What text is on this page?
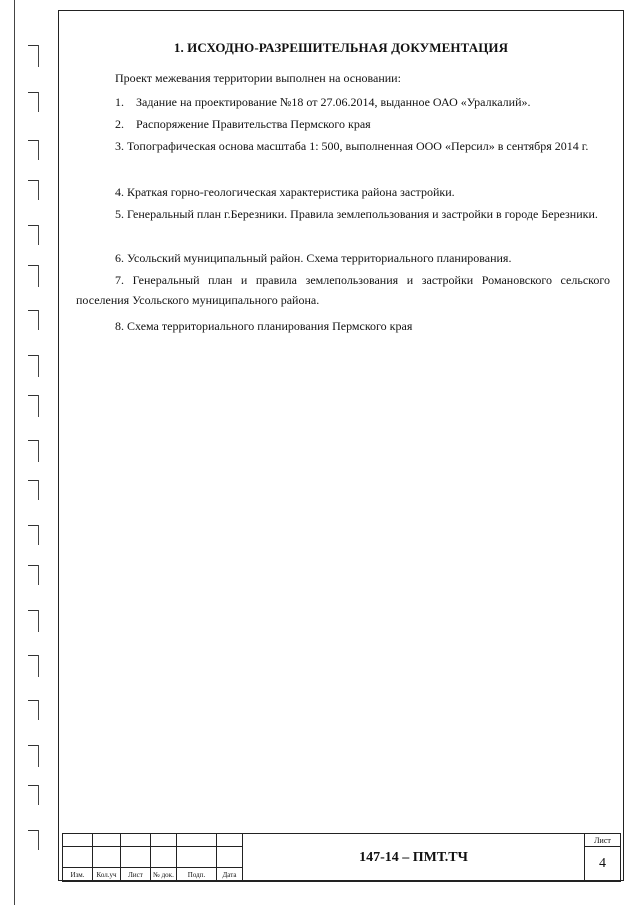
1. ИСХОДНО-РАЗРЕШИТЕЛЬНАЯ ДОКУМЕНТАЦИЯ
Проект межевания территории выполнен на основании:
1.    Задание на проектирование №18 от 27.06.2014, выданное ОАО «Уралкалий».
2.    Распоряжение Правительства Пермского края
3. Топографическая основа масштаба 1: 500, выполненная ООО «Персил» в сентября 2014 г.
4. Краткая горно-геологическая характеристика района застройки.
5. Генеральный план г.Березники. Правила землепользования и застройки в городе Березники.
6. Усольский муниципальный район. Схема территориального планирования.
7. Генеральный план и правила землепользования и застройки Романовского сельского поселения Усольского муниципального района.
8. Схема территориального планирования Пермского края
						147-14 – ПМТ.ТЧ	Лист
							4
Изм.	Кол.уч	Лист	№ док.	Подп.	Дата		
